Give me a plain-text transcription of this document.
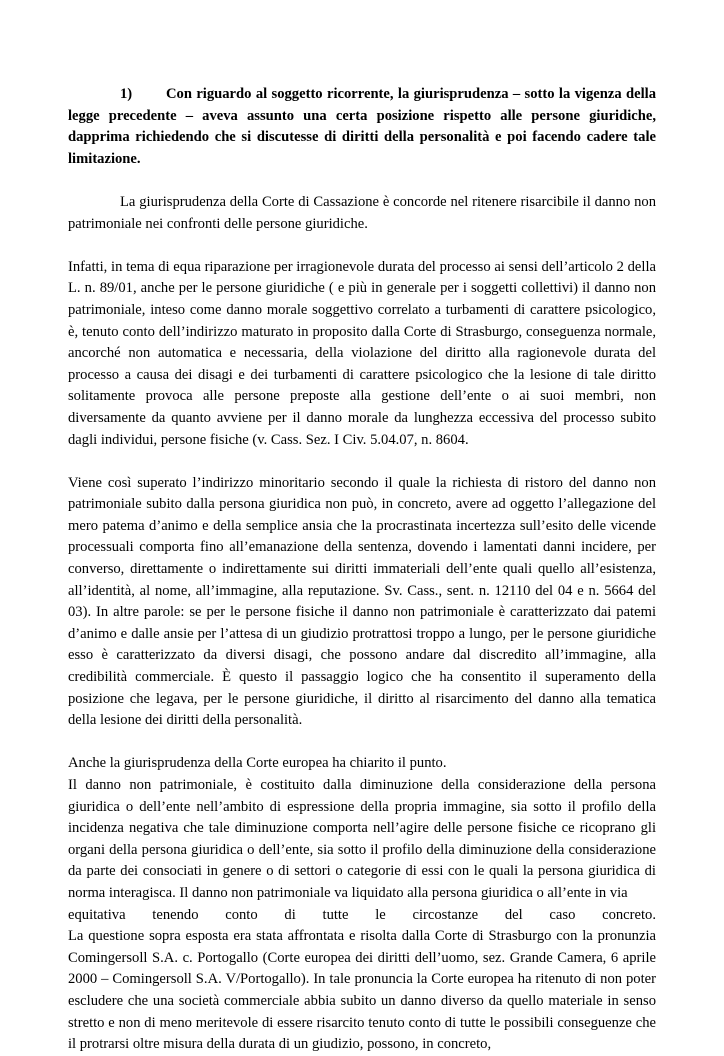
1) Con riguardo al soggetto ricorrente, la giurisprudenza – sotto la vigenza della legge precedente – aveva assunto una certa posizione rispetto alle persone giuridiche, dapprima richiedendo che si discutesse di diritti della personalità e poi facendo cadere tale limitazione.

La giurisprudenza della Corte di Cassazione è concorde nel ritenere risarcibile il danno non patrimoniale nei confronti delle persone giuridiche.

Infatti, in tema di equa riparazione per irragionevole durata del processo ai sensi dell’articolo 2 della L. n. 89/01, anche per le persone giuridiche ( e più in generale per i soggetti collettivi) il danno non patrimoniale, inteso come danno morale soggettivo correlato a turbamenti di carattere psicologico, è, tenuto conto dell’indirizzo maturato in proposito dalla Corte di Strasburgo, conseguenza normale, ancorché non automatica e necessaria, della violazione del diritto alla ragionevole durata del processo a causa dei disagi e dei turbamenti di carattere psicologico che la lesione di tale diritto solitamente provoca alle persone preposte alla gestione dell’ente o ai suoi membri, non diversamente da quanto avviene per il danno morale da lunghezza eccessiva del processo subito dagli individui, persone fisiche (v. Cass. Sez. I Civ. 5.04.07, n. 8604.

Viene così superato l’indirizzo minoritario secondo il quale la richiesta di ristoro del danno non patrimoniale subito dalla persona giuridica non può, in concreto, avere ad oggetto l’allegazione del mero patema d’animo e della semplice ansia che la procrastinata incertezza sull’esito delle vicende processuali comporta fino all’emanazione della sentenza, dovendo i lamentati danni incidere, per converso, direttamente o indirettamente sui diritti immateriali dell’ente quali quello all’esistenza, all’identità, al nome, all’immagine, alla reputazione. Sv. Cass., sent. n. 12110 del 04 e n. 5664 del 03). In altre parole: se per le persone fisiche il danno non patrimoniale è caratterizzato dai patemi d’animo e dalle ansie per l’attesa di un giudizio protrattosi troppo a lungo, per le persone giuridiche esso è caratterizzato da diversi disagi, che possono andare dal discredito all’immagine, alla credibilità commerciale. È questo il passaggio logico che ha consentito il superamento della posizione che legava, per le persone giuridiche, il diritto al risarcimento del danno alla tematica della lesione dei diritti della personalità.

Anche la giurisprudenza della Corte europea ha chiarito il punto.

Il danno non patrimoniale, è costituito dalla diminuzione della considerazione della persona giuridica o dell’ente nell’ambito di espressione della propria immagine, sia sotto il profilo della incidenza negativa che tale diminuzione comporta nell’agire delle persone fisiche ce ricoprano gli organi della persona giuridica o dell’ente, sia sotto il profilo della diminuzione della considerazione da parte dei consociati in genere o di settori o categorie di essi con le quali la persona giuridica di norma interagisca. Il danno non patrimoniale va liquidato alla persona giuridica o all’ente in via

equitativa tenendo conto di tutte le circostanze del caso concreto.

La questione sopra esposta era stata affrontata e risolta dalla Corte di Strasburgo con la pronunzia Comingersoll S.A. c. Portogallo (Corte europea dei diritti dell’uomo, sez. Grande Camera, 6 aprile 2000 – Comingersoll S.A. V/Portogallo). In tale pronuncia la Corte europea ha ritenuto di non poter escludere che una società commerciale abbia subito un danno diverso da quello materiale in senso stretto e non di meno meritevole di essere risarcito tenuto conto di tutte le possibili conseguenze che il protrarsi oltre misura della durata di un giudizio, possono, in concreto,
